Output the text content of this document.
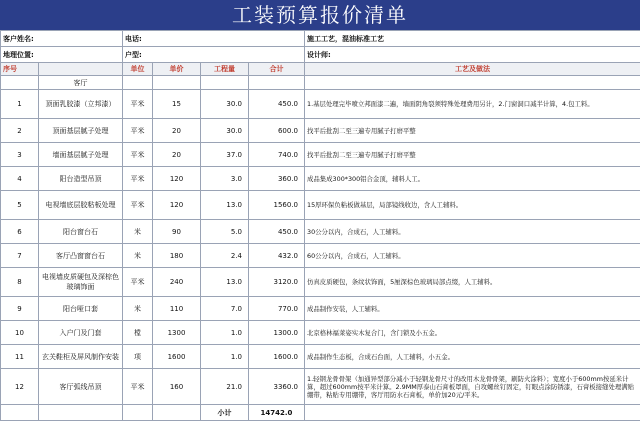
工装预算报价清单
客户姓名:		电话:				施工工艺，混油标准工艺
地理位置:		户型:				设计师:
序号		单位	单价	工程量	合计	工艺及做法
	客厅					
1	顶面乳胶漆（立邦漆）	平米	15	30.0	450.0	1.基层处理完毕喷立邦面漆二遍，墙面阴角裂须特殊处理费用另计，2.门窗洞口减半计算，4.包工料。
2	顶面基层腻子处理	平米	20	30.0	600.0	找平后批刮二至三遍专用腻子打磨平整
3	墙面基层腻子处理	平米	20	37.0	740.0	找平后批刮二至三遍专用腻子打磨平整
4	阳台造型吊顶	平米	120	3.0	360.0	成品集成300*300铝合金顶，辅料人工。
5	电视墙底层胶粘板处理	平米	120	13.0	1560.0	15厚环保负粘板做基层，局部镜线收边，含人工辅料。
6	阳台窗台石	米	90	5.0	450.0	30公分以内，合成石，人工辅料。
7	客厅凸窗窗台石	米	180	2.4	432.0	60公分以内，合成石，人工辅料。
8	电视墙皮质硬包及深棕色玻璃饰面	平米	240	13.0	3120.0	仿真皮质硬包，条纹状饰面，5厘深棕色玻璃局部点缀，人工辅料。
9	阳台哑口套	米	110	7.0	770.0	成品制作安装，人工辅料。
10	入户门及门套	樘	1300	1.0	1300.0	北京格林福莱姿实木复合门，含门锁及小五金。
11	玄关鞋柜及屏风制作安装	项	1600	1.0	1600.0	成品制作生态板，合成石台面，人工辅料，小五金。
12	客厅弧线吊顶	平米	160	21.0	3360.0	1.轻钢龙骨骨架（加通异型部分减小于轻钢龙骨尺寸的改用木龙骨骨架，刷防火涂料）；宽度小于600mm按延米计算，超过600mm按平米计算。2.9MM厚泰山石膏板罩面，自攻螺丝钉固定，钉眼点涂防锈漆，石膏板接缝处理满贴绷带，粘贴专用绷带，客厅用防水石膏板，单价加20元/平米。
				小计	14742.0	
